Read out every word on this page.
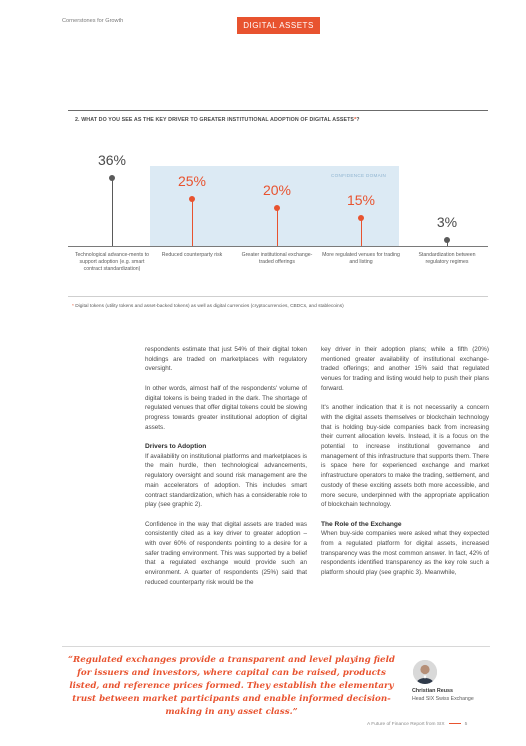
Cornerstones for Growth	DIGITAL ASSETS
2. WHAT DO YOU SEE AS THE KEY DRIVER TO GREATER INSTITUTIONAL ADOPTION OF DIGITAL ASSETS*?
CONFIDENCE DOMAIN
36%
Technological advance-ments to support adoption (e.g. smart contract standardization)
25%
Reduced counterparty risk
20%
Greater institutional exchange-traded offerings
15%
More regulated venues for trading and listing
3%
Standardization between regulatory regimes
* Digital tokens (utility tokens and asset-backed tokens) as well as digital currencies (cryptocurrencies, CBDCs, and stablecoins)

respondents estimate that just 54% of their digital token holdings are traded on marketplaces with regulatory oversight.

In other words, almost half of the respondents' volume of digital tokens is being traded in the dark. The shortage of regulated venues that offer digital tokens could be slowing progress towards greater institutional adoption of digital assets.

Drivers to Adoption

If availability on institutional platforms and marketplaces is the main hurdle, then technological advancements, regulatory oversight and sound risk management are the main accelerators of adoption. This includes smart contract standardization, which has a considerable role to play (see graphic 2).

Confidence in the way that digital assets are traded was consistently cited as a key driver to greater adoption – with over 60% of respondents pointing to a desire for a safer trading environment. This was supported by a belief that a regulated exchange would provide such an environment. A quarter of respondents (25%) said that reduced counterparty risk would be the

key driver in their adoption plans; while a fifth (20%) mentioned greater availability of institutional exchange-traded offerings; and another 15% said that regulated venues for trading and listing would help to push their plans forward.

It's another indication that it is not necessarily a concern with the digital assets themselves or blockchain technology that is holding buy-side companies back from increasing their current allocation levels. Instead, it is a focus on the potential to increase institutional governance and management of this infrastructure that supports them. There is space here for experienced exchange and market infrastructure operators to make the trading, settlement, and custody of these exciting assets both more accessible, and more secure, underpinned with the appropriate application of blockchain technology.

The Role of the Exchange

When buy-side companies were asked what they expected from a regulated platform for digital assets, increased transparency was the most common answer. In fact, 42% of respondents identified transparency as the key role such a platform should play (see graphic 3). Meanwhile,

“Regulated exchanges provide a transparent and level playing field for issuers and investors, where capital can be raised, products listed, and reference prices formed. They establish the elementary trust between market participants and enable informed decision-making in any asset class.”
Christian Reuss
Head SIX Swiss Exchange
A Future of Finance Report from SIX	5
